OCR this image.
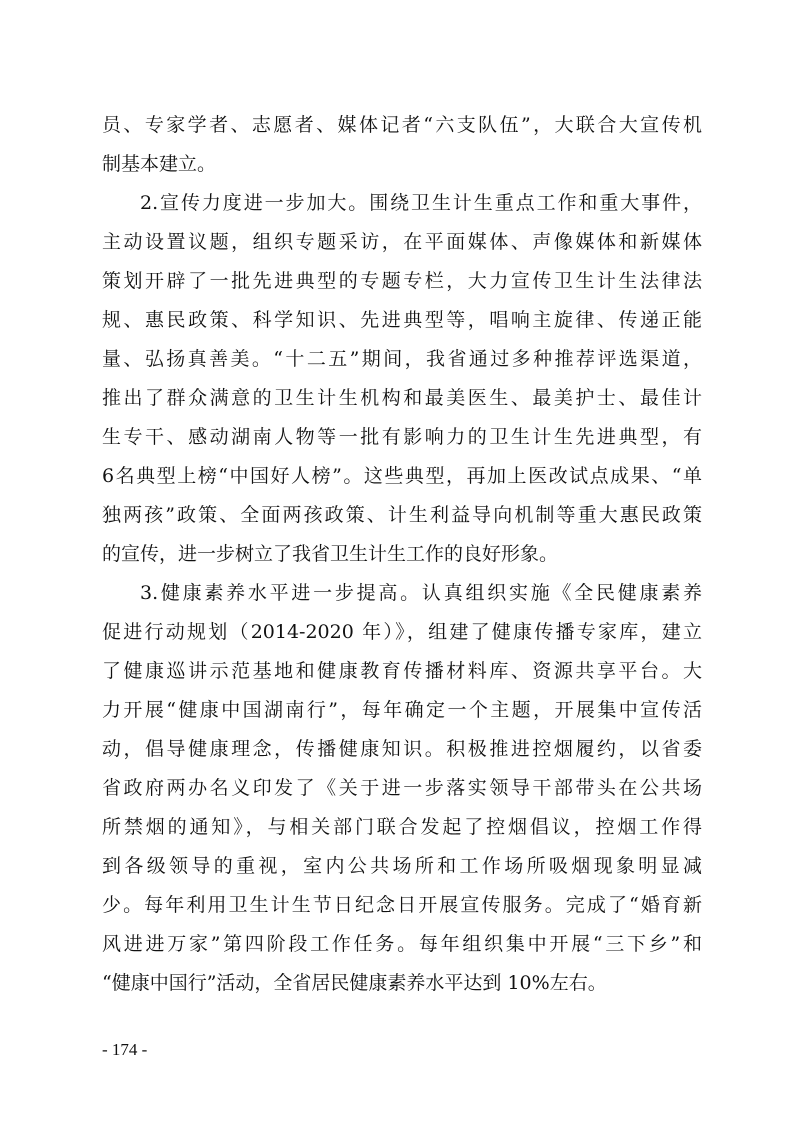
员、专家学者、志愿者、媒体记者“六支队伍”，大联合大宣传机
制基本建立。
2.宣传力度进一步加大。围绕卫生计生重点工作和重大事件，
主动设置议题，组织专题采访，在平面媒体、声像媒体和新媒体
策划开辟了一批先进典型的专题专栏，大力宣传卫生计生法律法
规、惠民政策、科学知识、先进典型等，唱响主旋律、传递正能
量、弘扬真善美。“十二五”期间，我省通过多种推荐评选渠道，
推出了群众满意的卫生计生机构和最美医生、最美护士、最佳计
生专干、感动湖南人物等一批有影响力的卫生计生先进典型，有
6名典型上榜“中国好人榜”。这些典型，再加上医改试点成果、“单
独两孩”政策、全面两孩政策、计生利益导向机制等重大惠民政策
的宣传，进一步树立了我省卫生计生工作的良好形象。
3.健康素养水平进一步提高。认真组织实施《全民健康素养
促进行动规划（2014-2020 年）》，组建了健康传播专家库，建立
了健康巡讲示范基地和健康教育传播材料库、资源共享平台。大
力开展“健康中国湖南行”，每年确定一个主题，开展集中宣传活
动，倡导健康理念，传播健康知识。积极推进控烟履约，以省委
省政府两办名义印发了《关于进一步落实领导干部带头在公共场
所禁烟的通知》，与相关部门联合发起了控烟倡议，控烟工作得
到各级领导的重视，室内公共场所和工作场所吸烟现象明显减
少。每年利用卫生计生节日纪念日开展宣传服务。完成了“婚育新
风进进万家”第四阶段工作任务。每年组织集中开展“三下乡”和
“健康中国行”活动，全省居民健康素养水平达到 10%左右。
- 174 -
